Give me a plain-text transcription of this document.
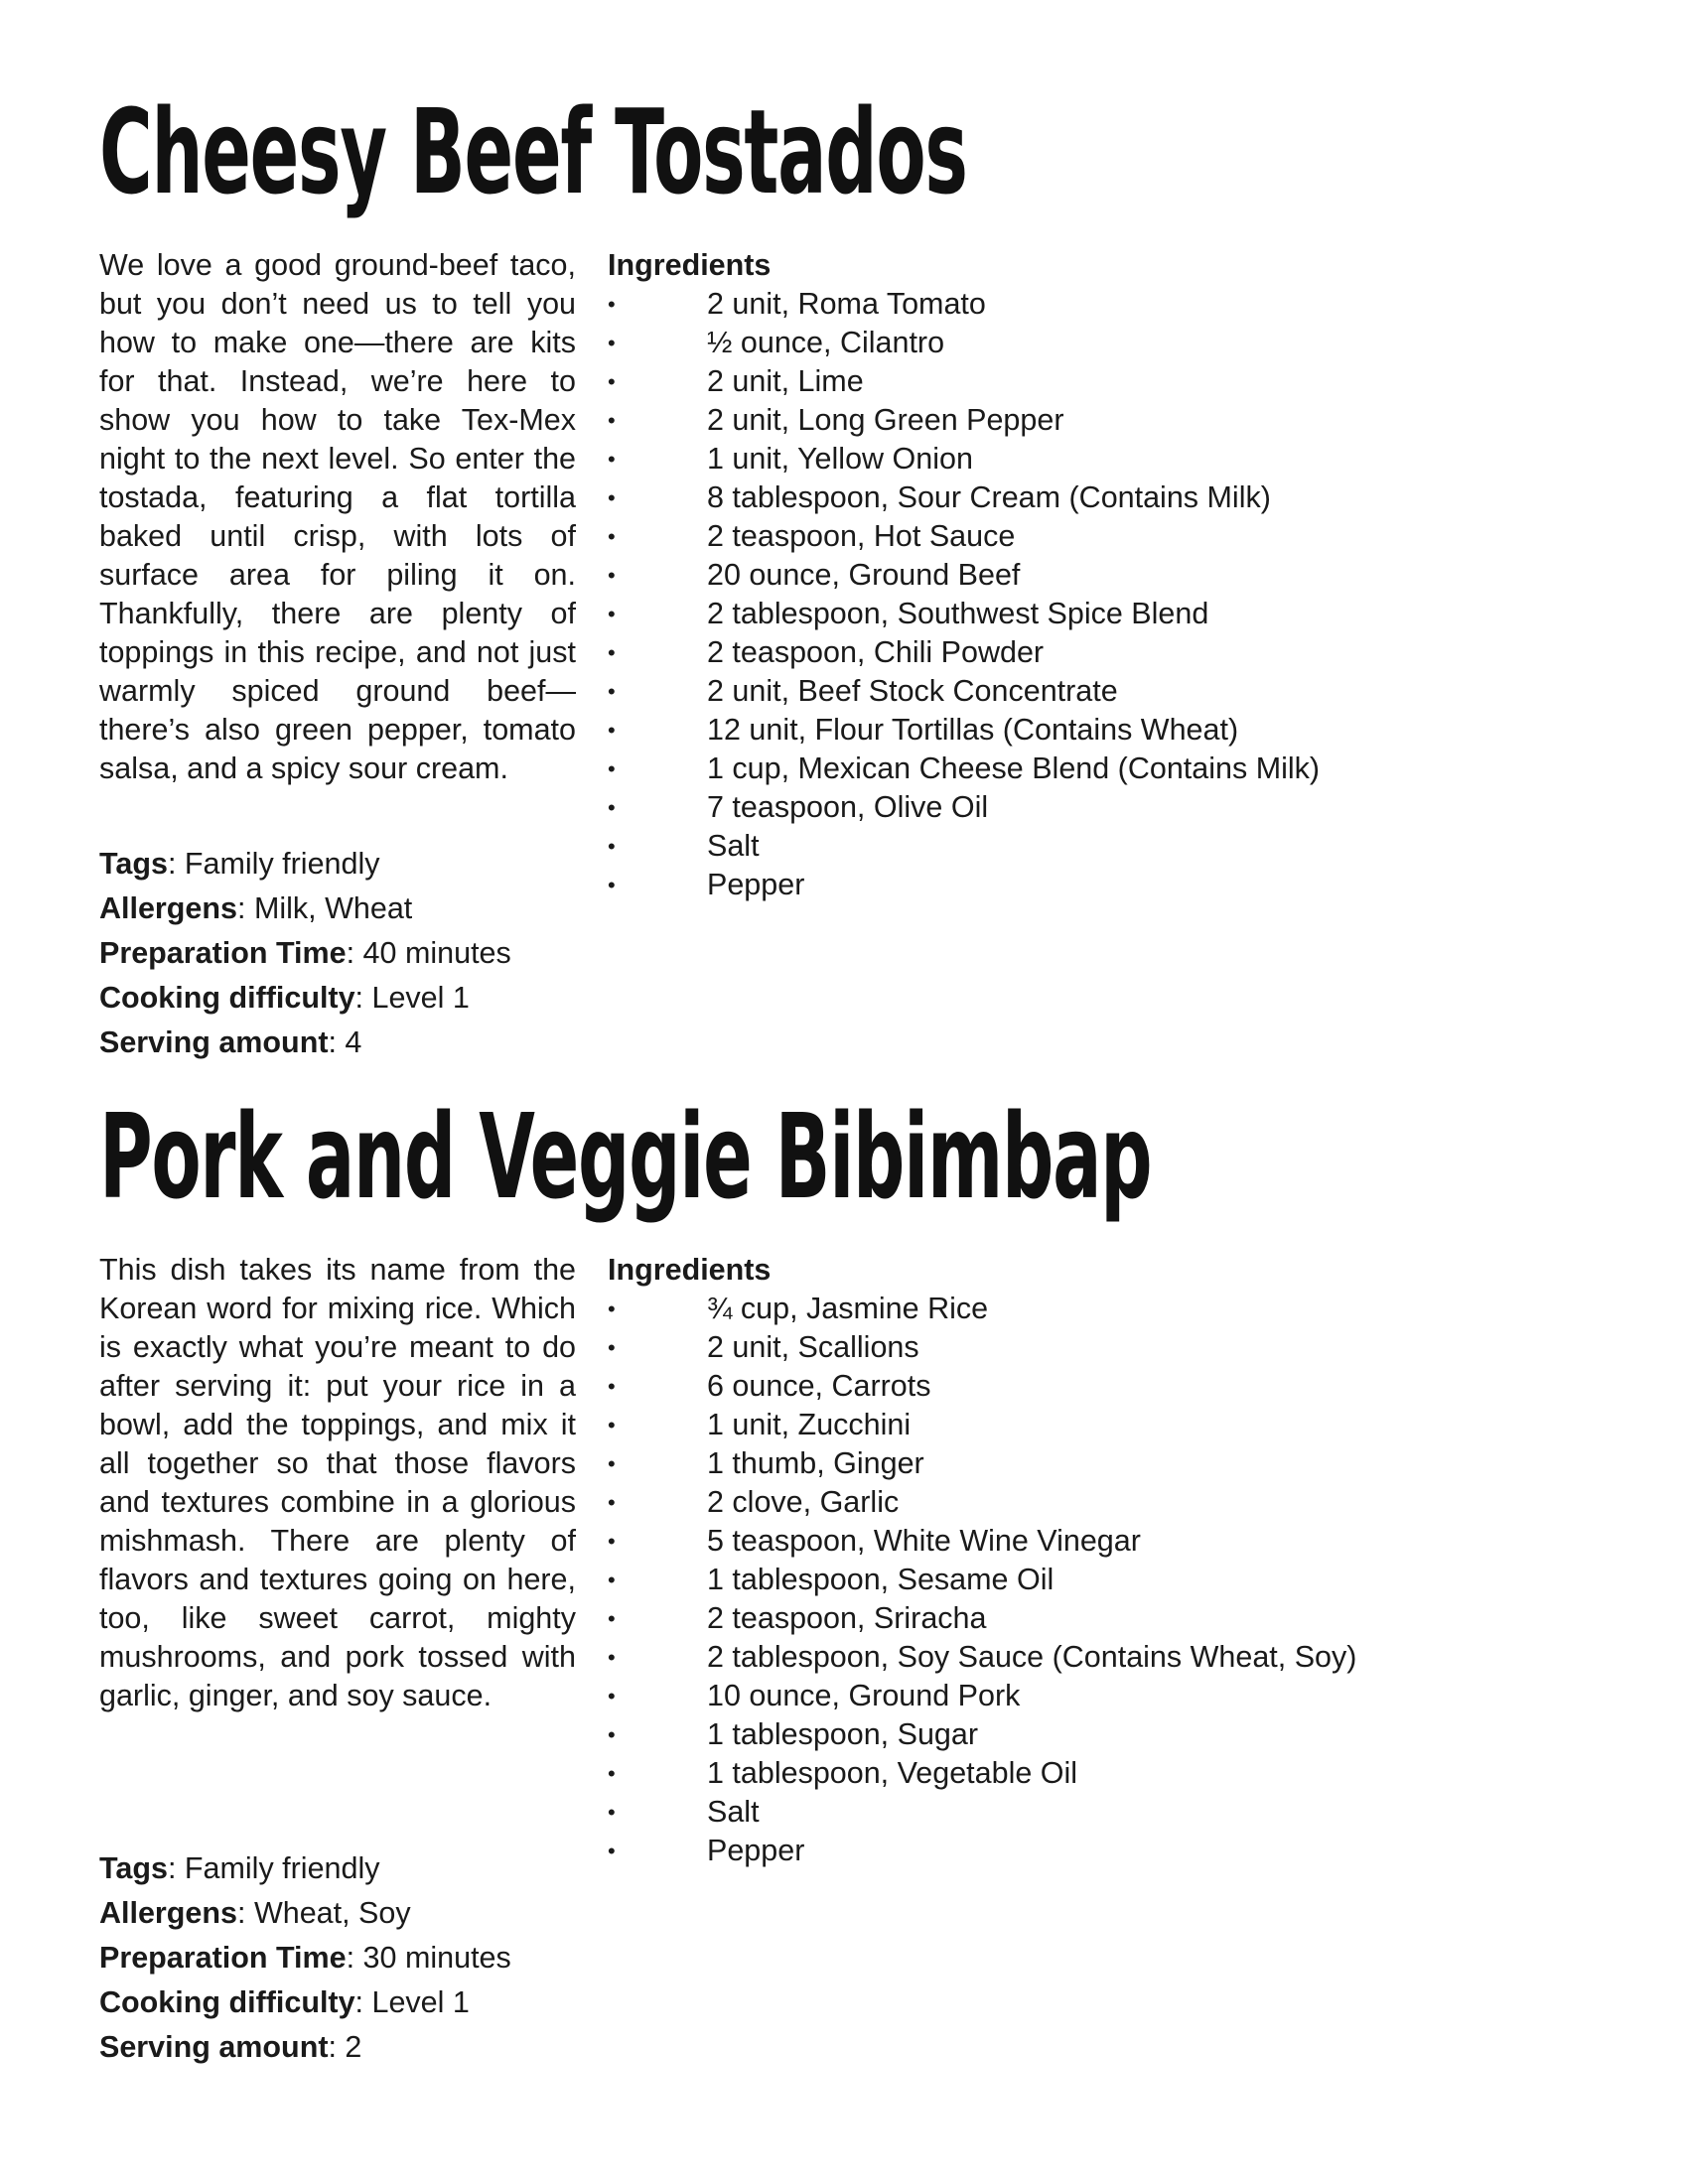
Cheesy Beef Tostados

We love a good ground-beef taco, but you don’t need us to tell you how to make one—there are kits for that. Instead, we’re here to show you how to take Tex-Mex night to the next level. So enter the tostada, featuring a flat tortilla baked until crisp, with lots of surface area for piling it on. Thankfully, there are plenty of toppings in this recipe, and not just warmly spiced ground beef—there’s also green pepper, tomato salsa, and a spicy sour cream.

Tags: Family friendly
Allergens: Milk, Wheat
Preparation Time: 40 minutes
Cooking difficulty: Level 1
Serving amount: 4
Ingredients
•	2 unit, Roma Tomato
•	½ ounce, Cilantro
•	2 unit, Lime
•	2 unit, Long Green Pepper
•	1 unit, Yellow Onion
•	8 tablespoon, Sour Cream (Contains Milk)
•	2 teaspoon, Hot Sauce
•	20 ounce, Ground Beef
•	2 tablespoon, Southwest Spice Blend
•	2 teaspoon, Chili Powder
•	2 unit, Beef Stock Concentrate
•	12 unit, Flour Tortillas (Contains Wheat)
•	1 cup, Mexican Cheese Blend (Contains Milk)
•	7 teaspoon, Olive Oil
•	Salt
•	Pepper
Pork and Veggie Bibimbap

This dish takes its name from the Korean word for mixing rice. Which is exactly what you’re meant to do after serving it: put your rice in a bowl, add the toppings, and mix it all together so that those flavors and textures combine in a glorious mishmash. There are plenty of flavors and textures going on here, too, like sweet carrot, mighty mushrooms, and pork tossed with garlic, ginger, and soy sauce.

Tags: Family friendly
Allergens: Wheat, Soy
Preparation Time: 30 minutes
Cooking difficulty: Level 1
Serving amount: 2
Ingredients
•	¾ cup, Jasmine Rice
•	2 unit, Scallions
•	6 ounce, Carrots
•	1 unit, Zucchini
•	1 thumb, Ginger
•	2 clove, Garlic
•	5 teaspoon, White Wine Vinegar
•	1 tablespoon, Sesame Oil
•	2 teaspoon, Sriracha
•	2 tablespoon, Soy Sauce (Contains Wheat, Soy)
•	10 ounce, Ground Pork
•	1 tablespoon, Sugar
•	1 tablespoon, Vegetable Oil
•	Salt
•	Pepper
